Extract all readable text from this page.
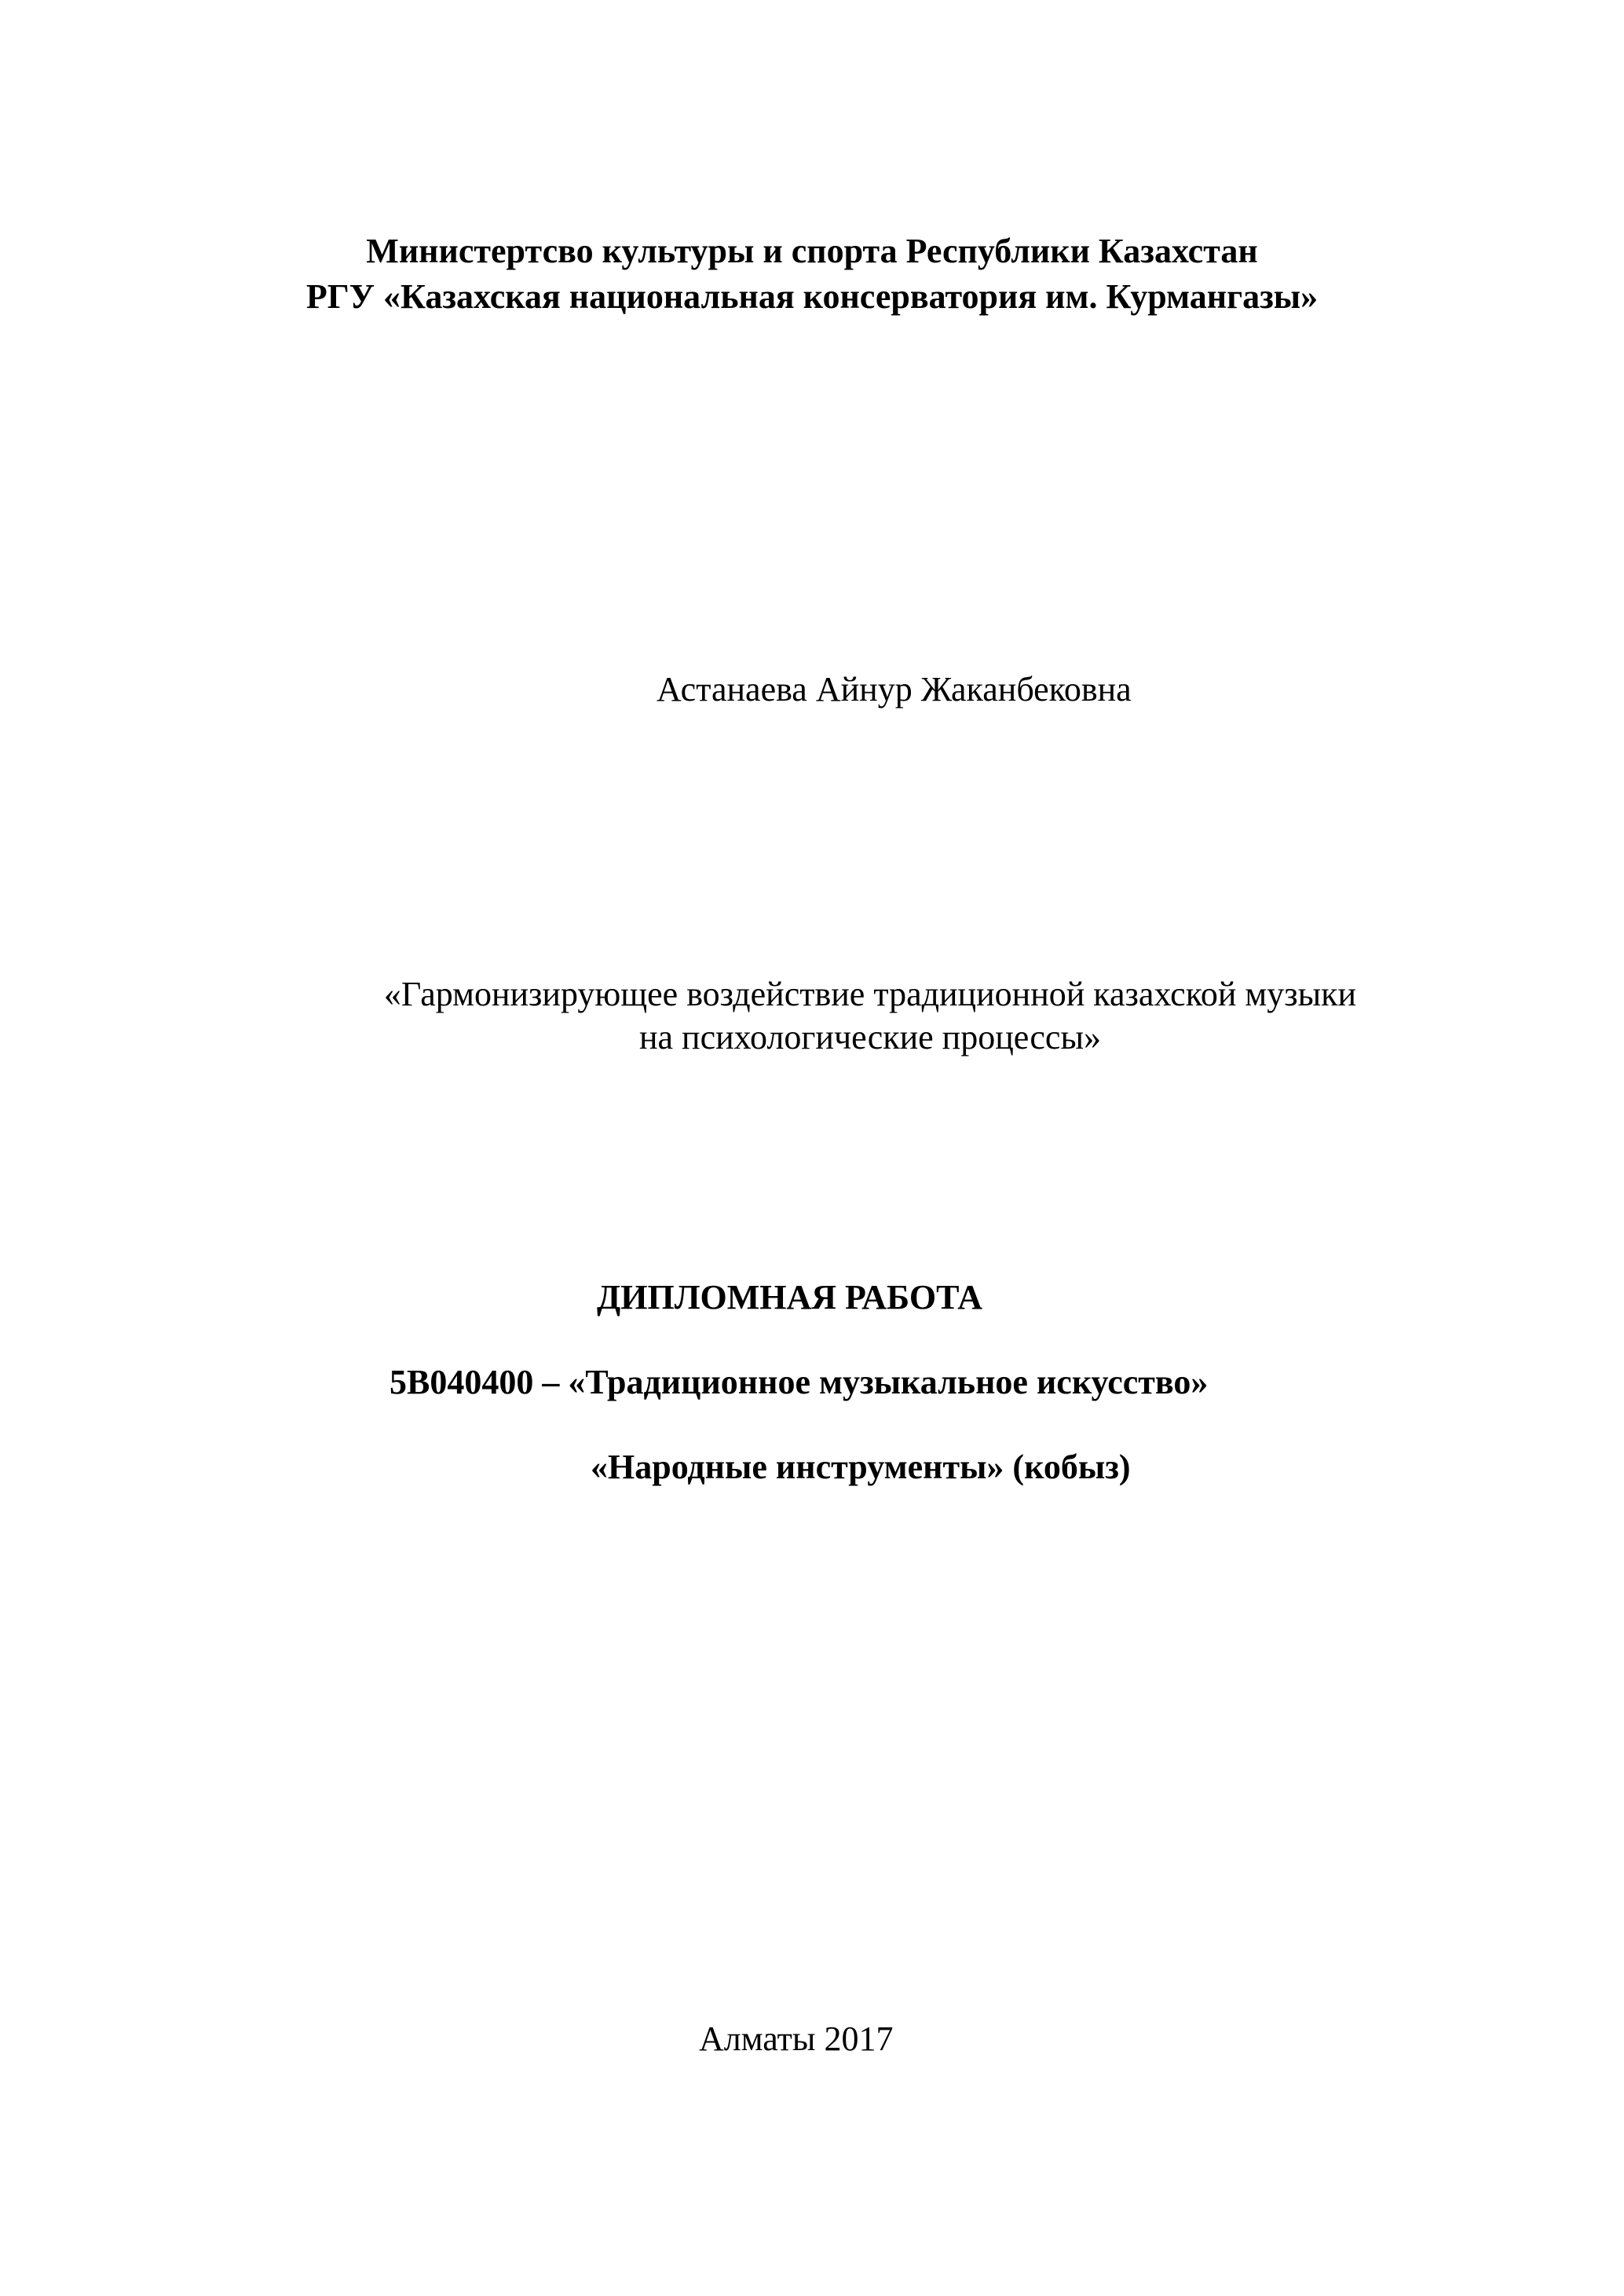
Министертсво культуры и спорта Республики Казахстан
РГУ «Казахская национальная консерватория им. Курмангазы»
Астанаева Айнур Жаканбековна
«Гармонизирующее воздействие традиционной казахской музыки
на психологические процессы»
ДИПЛОМНАЯ РАБОТА
5В040400 – «Традиционное музыкальное искусство»
«Народные инструменты» (кобыз)
Алматы 2017
